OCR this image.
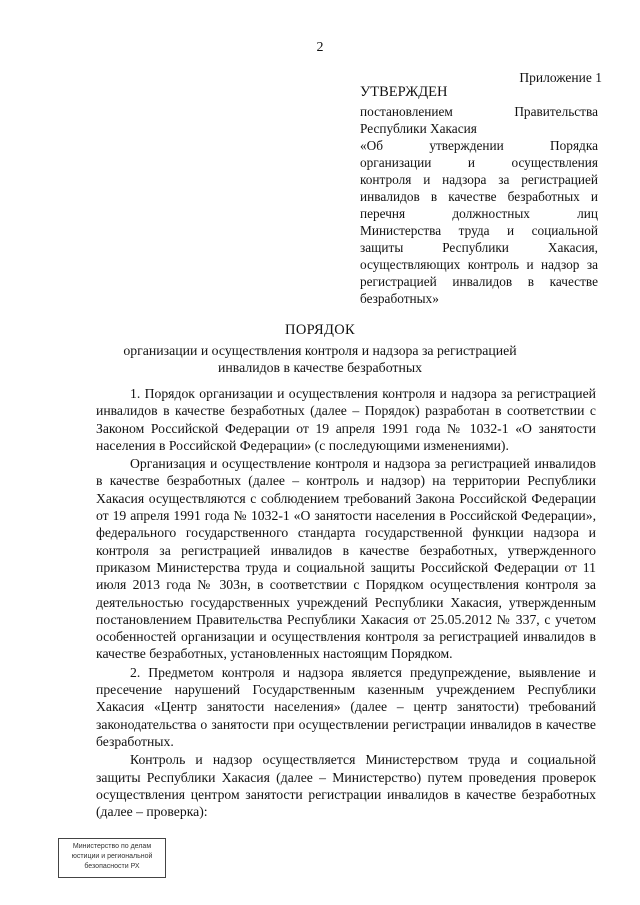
2
Приложение 1
УТВЕРЖДЕН
постановлением Правительства
Республики Хакасия
«Об утверждении Порядка
организации и осуществления
контроля и надзора за регистрацией
инвалидов в качестве безработных и
перечня должностных лиц
Министерства труда и социальной
защиты Республики Хакасия,
осуществляющих контроль и надзор за
регистрацией инвалидов в качестве
безработных»
ПОРЯДОК
организации и осуществления контроля и надзора за регистрацией инвалидов в качестве безработных

1. Порядок организации и осуществления контроля и надзора за регистрацией инвалидов в качестве безработных (далее – Порядок) разработан в соответствии с Законом Российской Федерации от 19 апреля 1991 года № 1032-1 «О занятости населения в Российской Федерации» (с последующими изменениями).

Организация и осуществление контроля и надзора за регистрацией инвалидов в качестве безработных (далее – контроль и надзор) на территории Республики Хакасия осуществляются с соблюдением требований Закона Российской Федерации от 19 апреля 1991 года № 1032-1 «О занятости населения в Российской Федерации», федерального государственного стандарта государственной функции надзора и контроля за регистрацией инвалидов в качестве безработных, утвержденного приказом Министерства труда и социальной защиты Российской Федерации от 11 июля 2013 года № 303н, в соответствии с Порядком осуществления контроля за деятельностью государственных учреждений Республики Хакасия, утвержденным постановлением Правительства Республики Хакасия от 25.05.2012 № 337, с учетом особенностей организации и осуществления контроля за регистрацией инвалидов в качестве безработных, установленных настоящим Порядком.

2. Предметом контроля и надзора является предупреждение, выявление и пресечение нарушений Государственным казенным учреждением Республики Хакасия «Центр занятости населения» (далее – центр занятости) требований законодательства о занятости при осуществлении регистрации инвалидов в качестве безработных.

Контроль и надзор осуществляется Министерством труда и социальной защиты Республики Хакасия (далее – Министерство) путем проведения проверок осуществления центром занятости регистрации инвалидов в качестве безработных (далее – проверка):

Министерство по делам
юстиции и региональной
безопасности РХ
